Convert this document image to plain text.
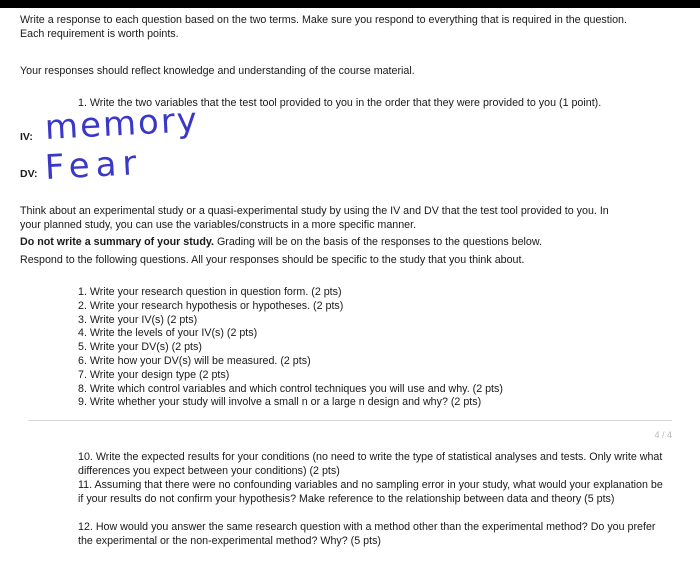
Write a response to each question based on the two terms. Make sure you respond to everything that is required in the question.

Each requirement is worth points.

Your responses should reflect knowledge and understanding of the course material.

1. Write the two variables that the test tool provided to you in the order that they were provided to you (1 point).

IV: memory

DV: Fear

Think about an experimental study or a quasi-experimental study by using the IV and DV that the test tool provided to you. In

your planned study, you can use the variables/constructs in a more specific manner.

Do not write a summary of your study. Grading will be on the basis of the responses to the questions below.

Respond to the following questions. All your responses should be specific to the study that you think about.

1. Write your research question in question form. (2 pts)
2. Write your research hypothesis or hypotheses. (2 pts)
3. Write your IV(s) (2 pts)
4. Write the levels of your IV(s) (2 pts)
5. Write your DV(s) (2 pts)
6. Write how your DV(s) will be measured. (2 pts)
7. Write your design type (2 pts)
8. Write which control variables and which control techniques you will use and why. (2 pts)
9. Write whether your study will involve a small n or a large n design and why? (2 pts)

4 / 4

10. Write the expected results for your conditions (no need to write the type of statistical analyses and tests. Only write what differences you expect between your conditions) (2 pts)

11. Assuming that there were no confounding variables and no sampling error in your study, what would your explanation be if your results do not confirm your hypothesis? Make reference to the relationship between data and theory (5 pts)

12. How would you answer the same research question with a method other than the experimental method? Do you prefer the experimental or the non-experimental method? Why? (5 pts)
